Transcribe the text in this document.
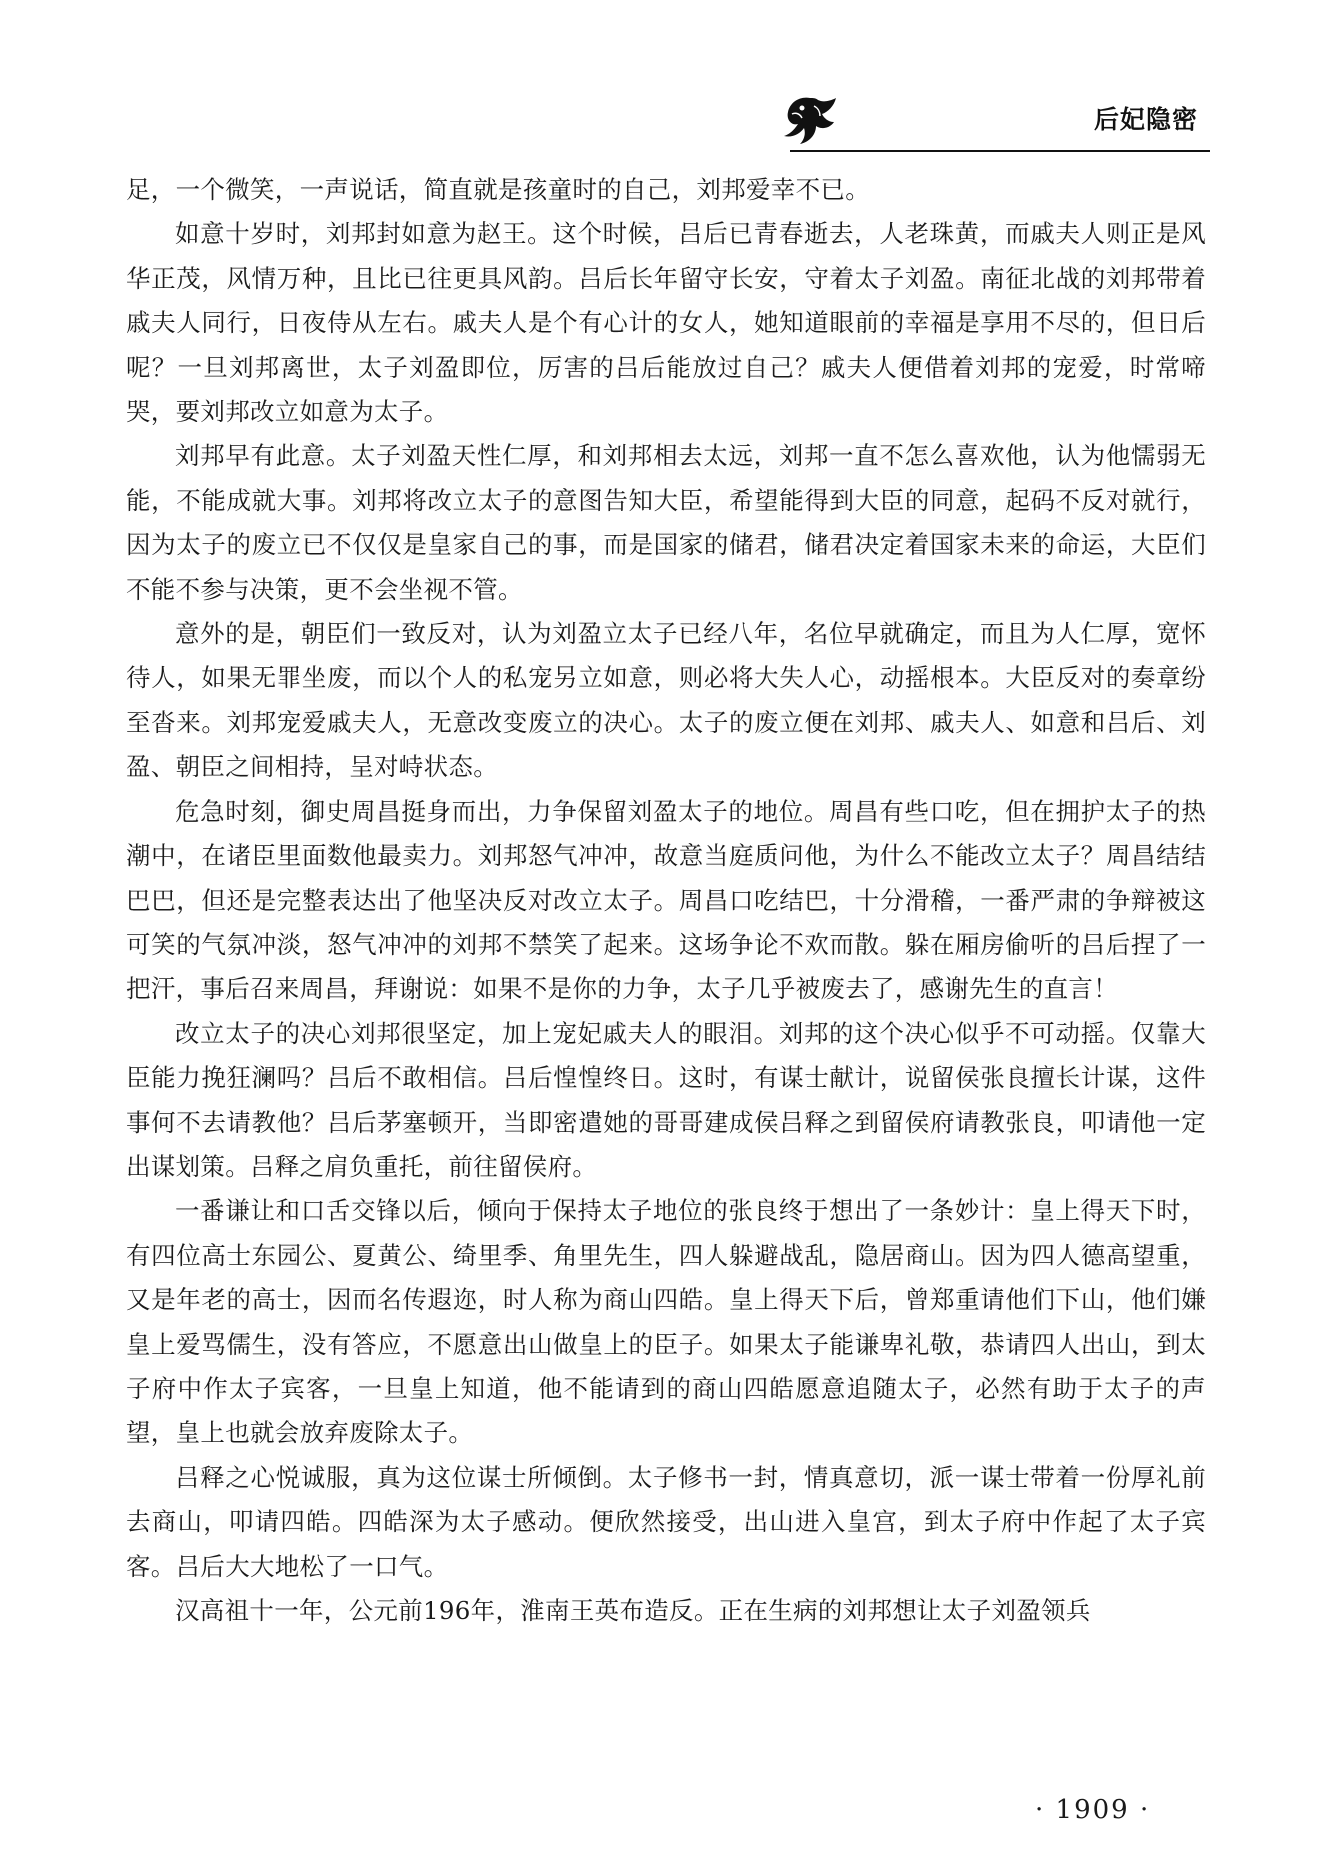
后妃隐密

足，一个微笑，一声说话，简直就是孩童时的自己，刘邦爱幸不已。

如意十岁时，刘邦封如意为赵王。这个时候，吕后已青春逝去，人老珠黄，而戚夫人则正是风华正茂，风情万种，且比已往更具风韵。吕后长年留守长安，守着太子刘盈。南征北战的刘邦带着戚夫人同行，日夜侍从左右。戚夫人是个有心计的女人，她知道眼前的幸福是享用不尽的，但日后呢？一旦刘邦离世，太子刘盈即位，厉害的吕后能放过自己？戚夫人便借着刘邦的宠爱，时常啼哭，要刘邦改立如意为太子。

刘邦早有此意。太子刘盈天性仁厚，和刘邦相去太远，刘邦一直不怎么喜欢他，认为他懦弱无能，不能成就大事。刘邦将改立太子的意图告知大臣，希望能得到大臣的同意，起码不反对就行，因为太子的废立已不仅仅是皇家自己的事，而是国家的储君，储君决定着国家未来的命运，大臣们不能不参与决策，更不会坐视不管。

意外的是，朝臣们一致反对，认为刘盈立太子已经八年，名位早就确定，而且为人仁厚，宽怀待人，如果无罪坐废，而以个人的私宠另立如意，则必将大失人心，动摇根本。大臣反对的奏章纷至沓来。刘邦宠爱戚夫人，无意改变废立的决心。太子的废立便在刘邦、戚夫人、如意和吕后、刘盈、朝臣之间相持，呈对峙状态。

危急时刻，御史周昌挺身而出，力争保留刘盈太子的地位。周昌有些口吃，但在拥护太子的热潮中，在诸臣里面数他最卖力。刘邦怒气冲冲，故意当庭质问他，为什么不能改立太子？周昌结结巴巴，但还是完整表达出了他坚决反对改立太子。周昌口吃结巴，十分滑稽，一番严肃的争辩被这可笑的气氛冲淡，怒气冲冲的刘邦不禁笑了起来。这场争论不欢而散。躲在厢房偷听的吕后捏了一把汗，事后召来周昌，拜谢说：如果不是你的力争，太子几乎被废去了，感谢先生的直言！

改立太子的决心刘邦很坚定，加上宠妃戚夫人的眼泪。刘邦的这个决心似乎不可动摇。仅靠大臣能力挽狂澜吗？吕后不敢相信。吕后惶惶终日。这时，有谋士献计，说留侯张良擅长计谋，这件事何不去请教他？吕后茅塞顿开，当即密遣她的哥哥建成侯吕释之到留侯府请教张良，叩请他一定出谋划策。吕释之肩负重托，前往留侯府。

一番谦让和口舌交锋以后，倾向于保持太子地位的张良终于想出了一条妙计：皇上得天下时，有四位高士东园公、夏黄公、绮里季、角里先生，四人躲避战乱，隐居商山。因为四人德高望重，又是年老的高士，因而名传遐迩，时人称为商山四皓。皇上得天下后，曾郑重请他们下山，他们嫌皇上爱骂儒生，没有答应，不愿意出山做皇上的臣子。如果太子能谦卑礼敬，恭请四人出山，到太子府中作太子宾客，一旦皇上知道，他不能请到的商山四皓愿意追随太子，必然有助于太子的声望，皇上也就会放弃废除太子。

吕释之心悦诚服，真为这位谋士所倾倒。太子修书一封，情真意切，派一谋士带着一份厚礼前去商山，叩请四皓。四皓深为太子感动。便欣然接受，出山进入皇宫，到太子府中作起了太子宾客。吕后大大地松了一口气。

汉高祖十一年，公元前196年，淮南王英布造反。正在生病的刘邦想让太子刘盈领兵

· 1909 ·
